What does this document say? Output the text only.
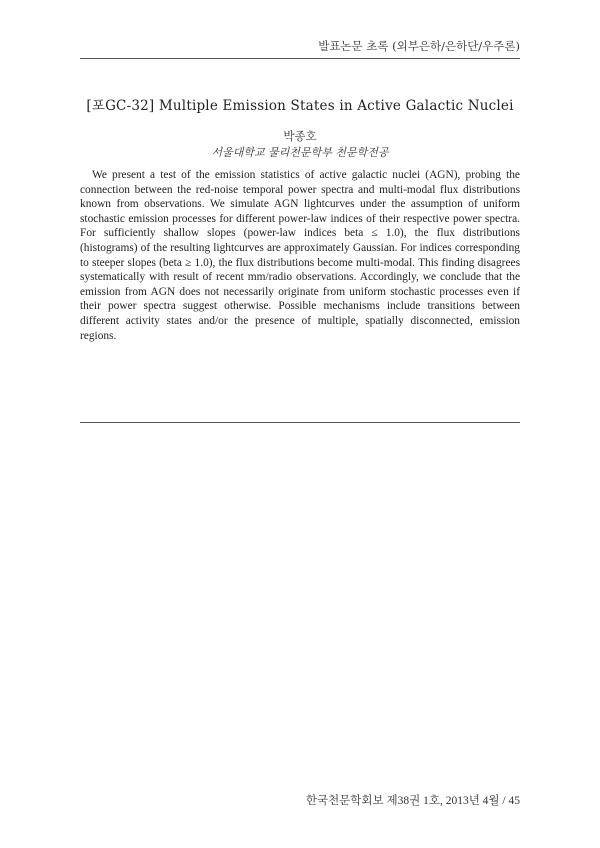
발표논문 초록 (외부은하/은하단/우주론)
[포GC-32] Multiple Emission States in Active Galactic Nuclei
박종호
서울대학교 물리천문학부 천문학전공

We present a test of the emission statistics of active galactic nuclei (AGN), probing the connection between the red-noise temporal power spectra and multi-modal flux distributions known from observations. We simulate AGN lightcurves under the assumption of uniform stochastic emission processes for different power-law indices of their respective power spectra. For sufficiently shallow slopes (power-law indices beta ≤ 1.0), the flux distributions (histograms) of the resulting lightcurves are approximately Gaussian. For indices corresponding to steeper slopes (beta ≥ 1.0), the flux distributions become multi-modal. This finding disagrees systematically with result of recent mm/radio observations. Accordingly, we conclude that the emission from AGN does not necessarily originate from uniform stochastic processes even if their power spectra suggest otherwise. Possible mechanisms include transitions between different activity states and/or the presence of multiple, spatially disconnected, emission regions.

한국천문학회보 제38권 1호, 2013년 4월 / 45
